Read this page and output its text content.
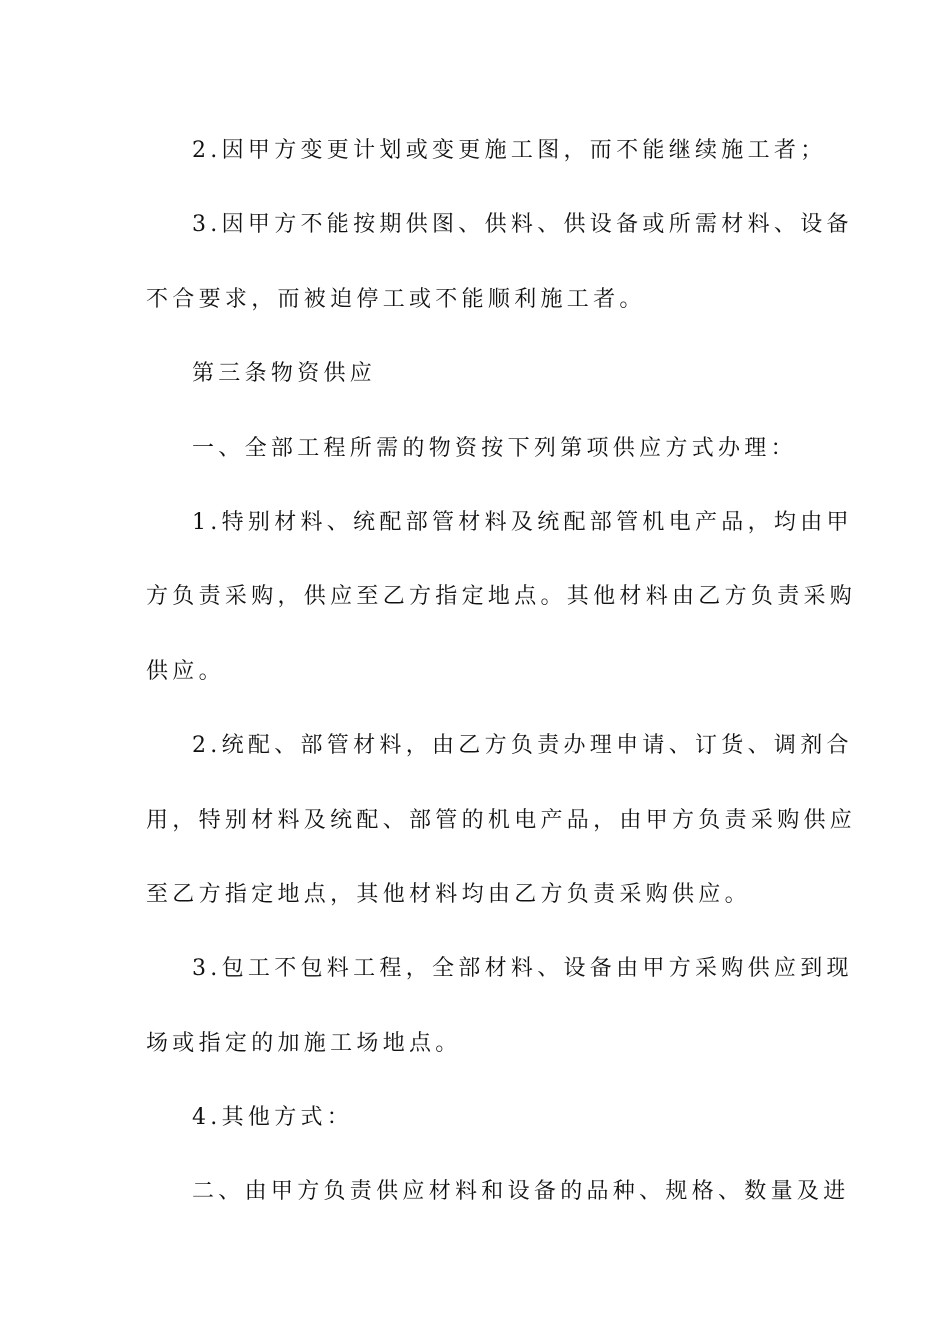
2.因甲方变更计划或变更施工图，而不能继续施工者；
3.因甲方不能按期供图、供料、供设备或所需材料、设备
不合要求，而被迫停工或不能顺利施工者。
第三条物资供应
一、全部工程所需的物资按下列第项供应方式办理：
1.特别材料、统配部管材料及统配部管机电产品，均由甲
方负责采购，供应至乙方指定地点。其他材料由乙方负责采购
供应。
2.统配、部管材料，由乙方负责办理申请、订货、调剂合
用，特别材料及统配、部管的机电产品，由甲方负责采购供应
至乙方指定地点，其他材料均由乙方负责采购供应。
3.包工不包料工程，全部材料、设备由甲方采购供应到现
场或指定的加施工场地点。
4.其他方式：
二、由甲方负责供应材料和设备的品种、规格、数量及进
